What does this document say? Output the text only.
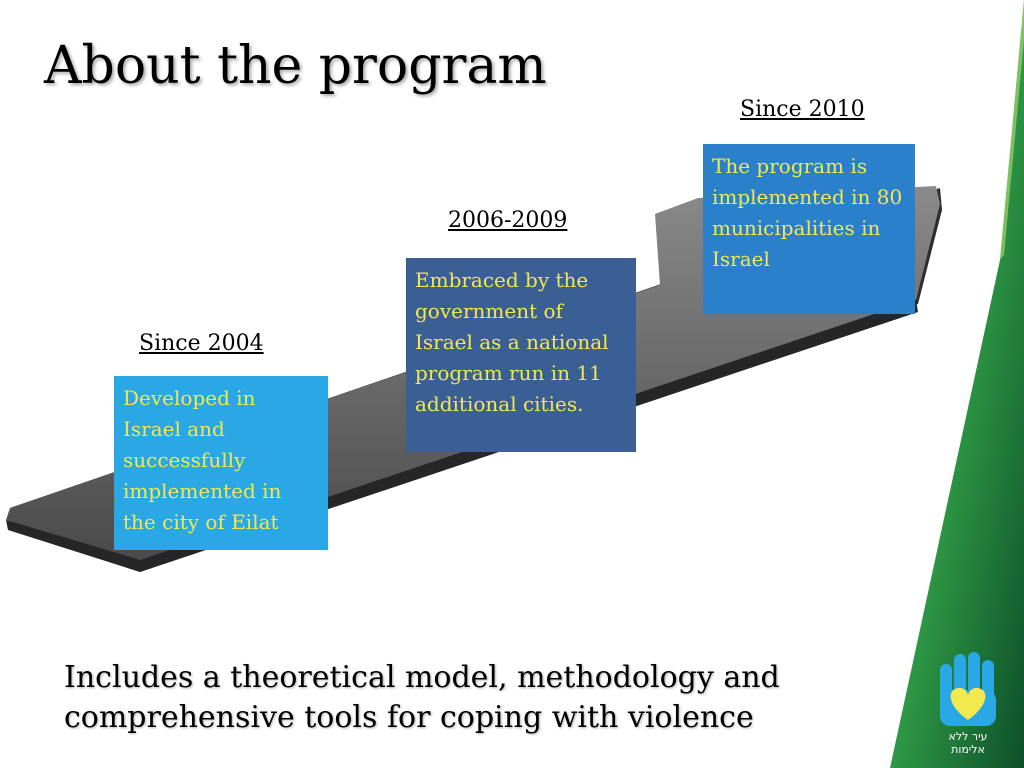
About the program
Since 2004
Developed in Israel and successfully implemented in the city of Eilat
2006-2009
Embraced by the government of Israel as a national program run in 11 additional cities.
Since 2010
The program is implemented in 80 municipalities in Israel
Includes a theoretical model, methodology and comprehensive tools for coping with violence
עיר ללא אלימות
